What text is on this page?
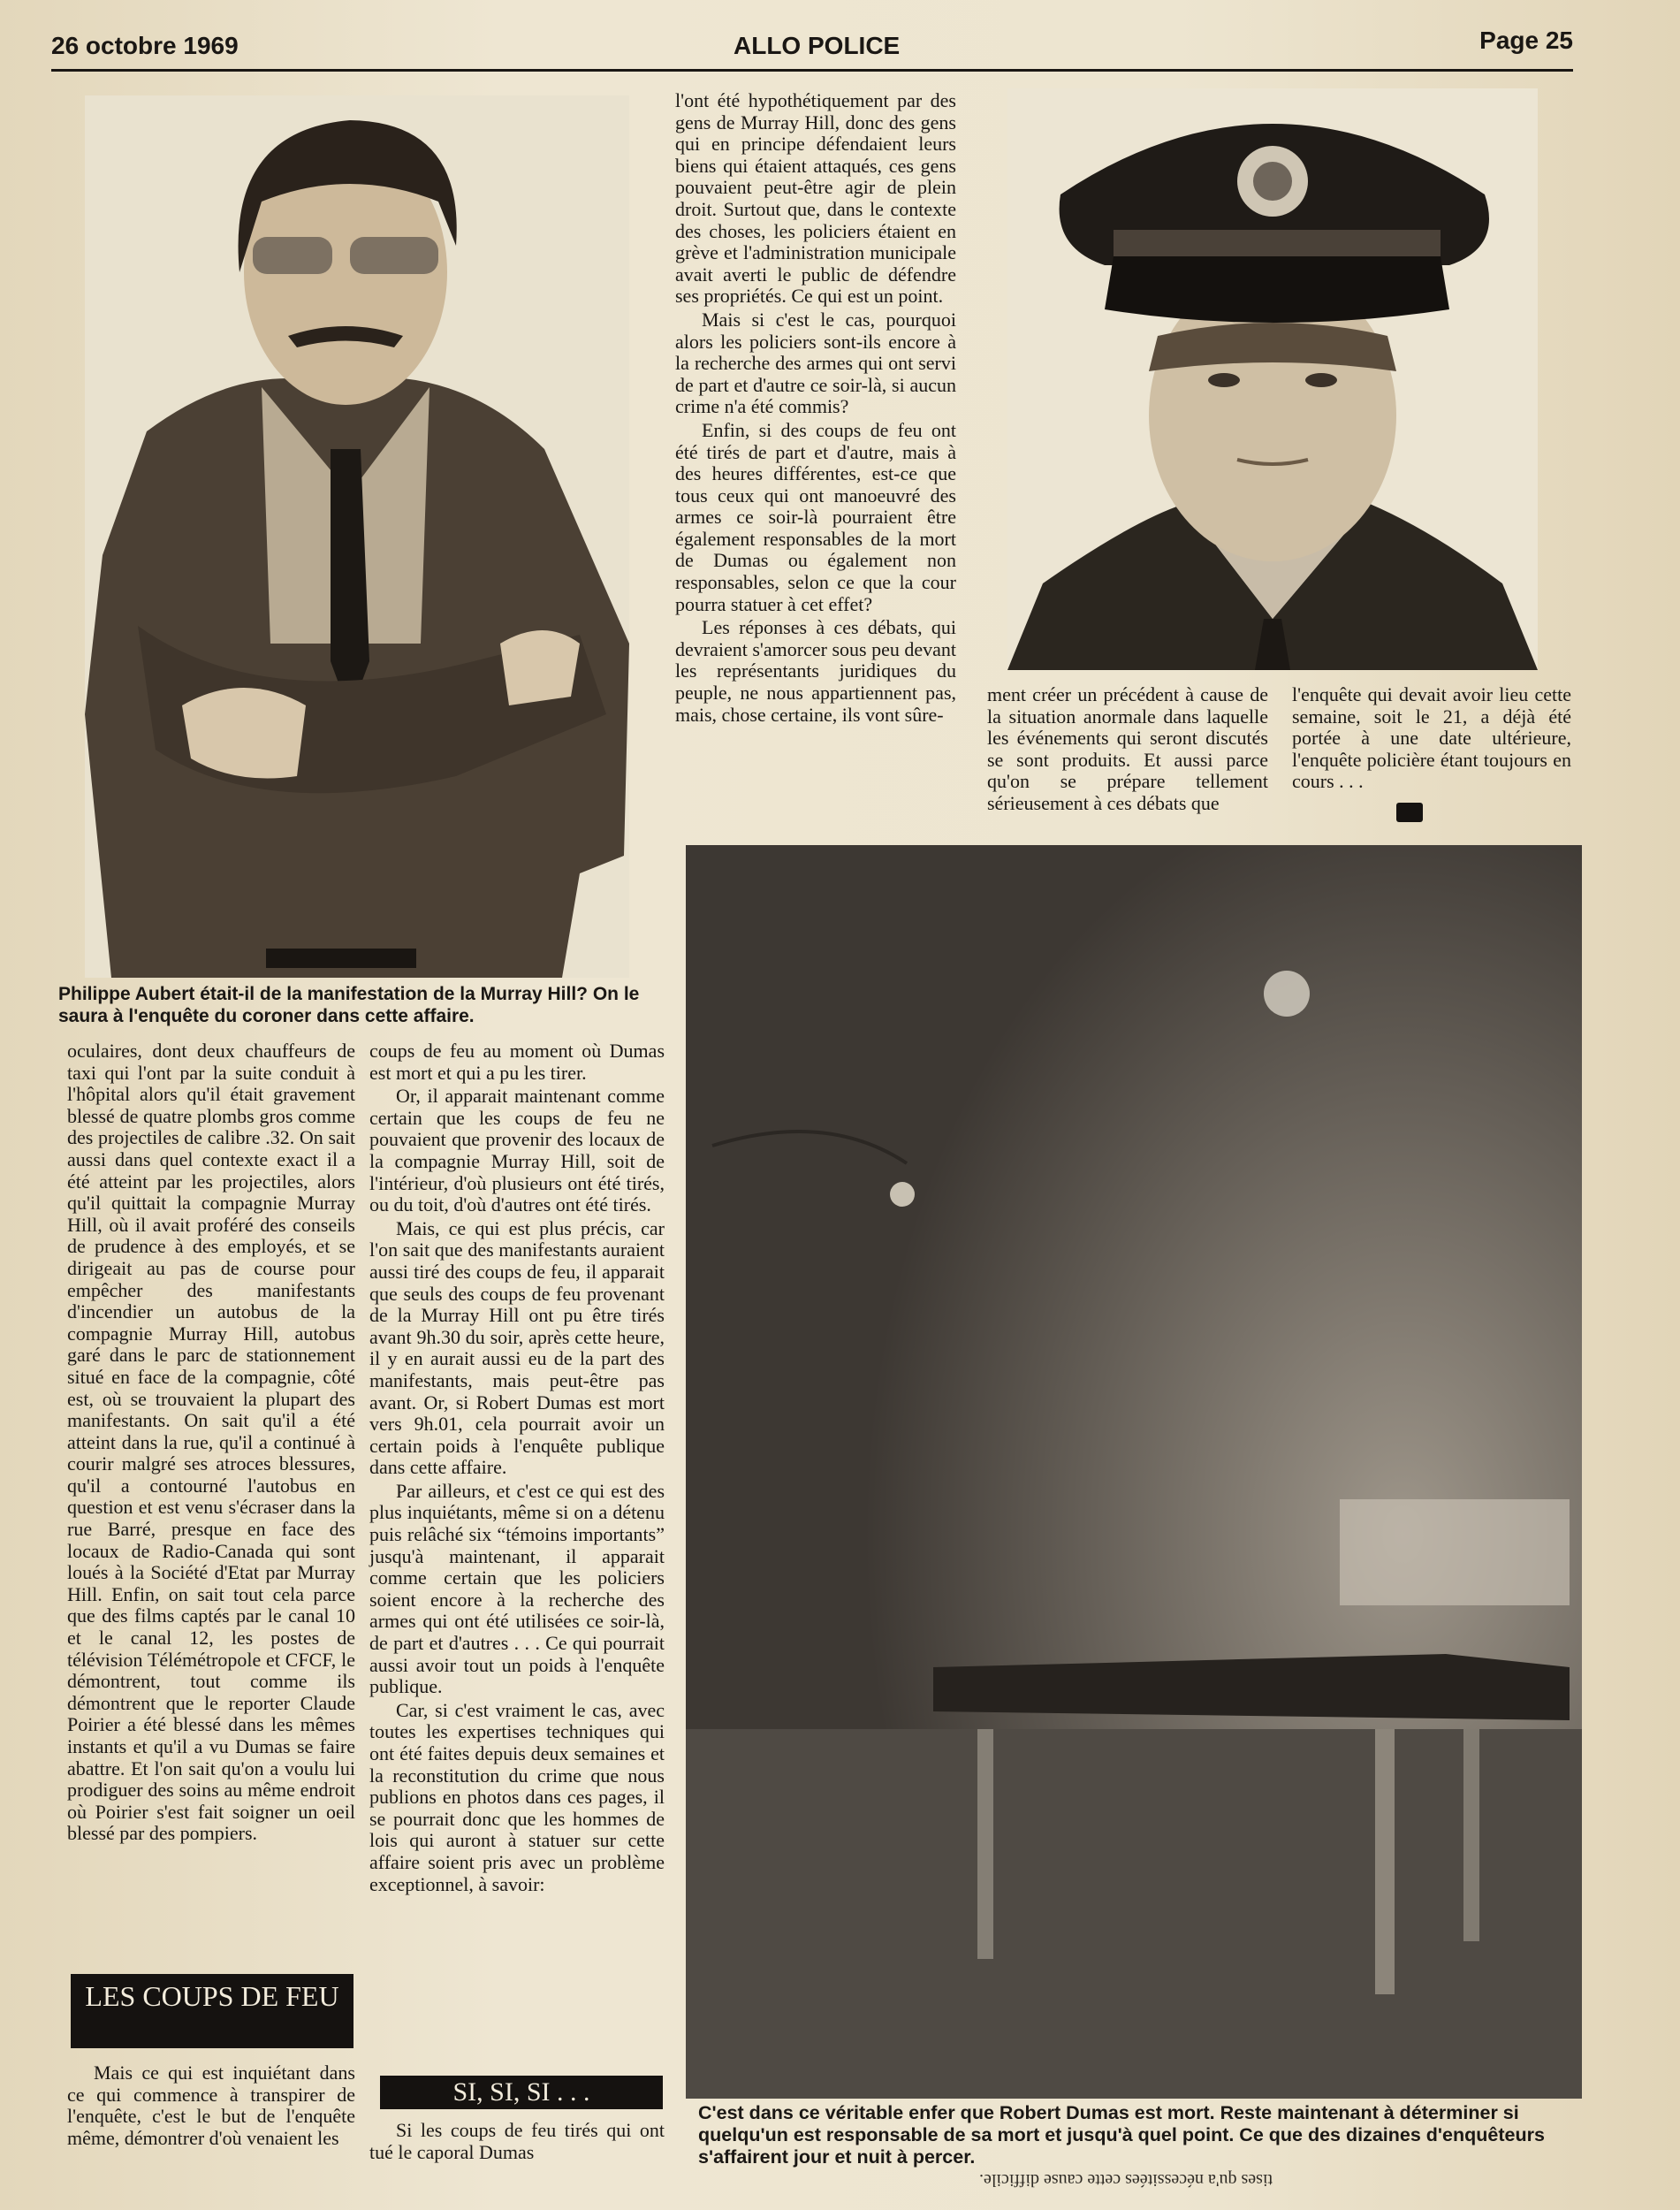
26 octobre 1969	ALLO POLICE	Page 25
Philippe Aubert était-il de la manifestation de la Murray Hill? On le saura à l'enquête du coroner dans cette affaire.

l'ont été hypothétiquement par des gens de Murray Hill, donc des gens qui en principe défendaient leurs biens qui étaient attaqués, ces gens pouvaient peut-être agir de plein droit. Surtout que, dans le contexte des choses, les policiers étaient en grève et l'administration municipale avait averti le public de défendre ses propriétés. Ce qui est un point.

Mais si c'est le cas, pourquoi alors les policiers sont-ils encore à la recherche des armes qui ont servi de part et d'autre ce soir-là, si aucun crime n'a été commis?

Enfin, si des coups de feu ont été tirés de part et d'autre, mais à des heures différentes, est-ce que tous ceux qui ont manoeuvré des armes ce soir-là pourraient être également responsables de la mort de Dumas ou également non responsables, selon ce que la cour pourra statuer à cet effet?

Les réponses à ces débats, qui devraient s'amorcer sous peu devant les représentants juridiques du peuple, ne nous appartiennent pas, mais, chose certaine, ils vont sûre-

ment créer un précédent à cause de la situation anormale dans laquelle les événements qui seront discutés se sont produits. Et aussi parce qu'on se prépare tellement sérieusement à ces débats que
l'enquête qui devait avoir lieu cette semaine, soit le 21, a déjà été portée à une date ultérieure, l'enquête policière étant toujours en cours . . .
C'est dans ce véritable enfer que Robert Dumas est mort. Reste maintenant à déterminer si quelqu'un est responsable de sa mort et jusqu'à quel point. Ce que des dizaines d'enquêteurs s'affairent jour et nuit à percer.

oculaires, dont deux chauffeurs de taxi qui l'ont par la suite conduit à l'hôpital alors qu'il était gravement blessé de quatre plombs gros comme des projectiles de calibre .32. On sait aussi dans quel contexte exact il a été atteint par les projectiles, alors qu'il quittait la compagnie Murray Hill, où il avait proféré des conseils de prudence à des employés, et se dirigeait au pas de course pour empêcher des manifestants d'incendier un autobus de la compagnie Murray Hill, autobus garé dans le parc de stationnement situé en face de la compagnie, côté est, où se trouvaient la plupart des manifestants. On sait qu'il a été atteint dans la rue, qu'il a continué à courir malgré ses atroces blessures, qu'il a contourné l'autobus en question et est venu s'écraser dans la rue Barré, presque en face des locaux de Radio-Canada qui sont loués à la Société d'Etat par Murray Hill. Enfin, on sait tout cela parce que des films captés par le canal 10 et le canal 12, les postes de télévision Télémétropole et CFCF, le démontrent, tout comme ils démontrent que le reporter Claude Poirier a été blessé dans les mêmes instants et qu'il a vu Dumas se faire abattre. Et l'on sait qu'on a voulu lui prodiguer des soins au même endroit où Poirier s'est fait soigner un oeil blessé par des pompiers.

LES COUPS DE FEU

Mais ce qui est inquiétant dans ce qui commence à transpirer de l'enquête, c'est le but de l'enquête même, démontrer d'où venaient les

coups de feu au moment où Dumas est mort et qui a pu les tirer.

Or, il apparait maintenant comme certain que les coups de feu ne pouvaient que provenir des locaux de la compagnie Murray Hill, soit de l'intérieur, d'où plusieurs ont été tirés, ou du toit, d'où d'autres ont été tirés.

Mais, ce qui est plus précis, car l'on sait que des manifestants auraient aussi tiré des coups de feu, il apparait que seuls des coups de feu provenant de la Murray Hill ont pu être tirés avant 9h.30 du soir, après cette heure, il y en aurait aussi eu de la part des manifestants, mais peut-être pas avant. Or, si Robert Dumas est mort vers 9h.01, cela pourrait avoir un certain poids à l'enquête publique dans cette affaire.

Par ailleurs, et c'est ce qui est des plus inquiétants, même si on a détenu puis relâché six “témoins importants” jusqu'à maintenant, il apparait comme certain que les policiers soient encore à la recherche des armes qui ont été utilisées ce soir-là, de part et d'autres . . . Ce qui pourrait aussi avoir tout un poids à l'enquête publique.

Car, si c'est vraiment le cas, avec toutes les expertises techniques qui ont été faites depuis deux semaines et la reconstitution du crime que nous publions en photos dans ces pages, il se pourrait donc que les hommes de lois qui auront à statuer sur cette affaire soient pris avec un problème exceptionnel, à savoir:

SI, SI, SI . . .

Si les coups de feu tirés qui ont tué le caporal Dumas

tises qu'a nécessitées cette cause difficile.
